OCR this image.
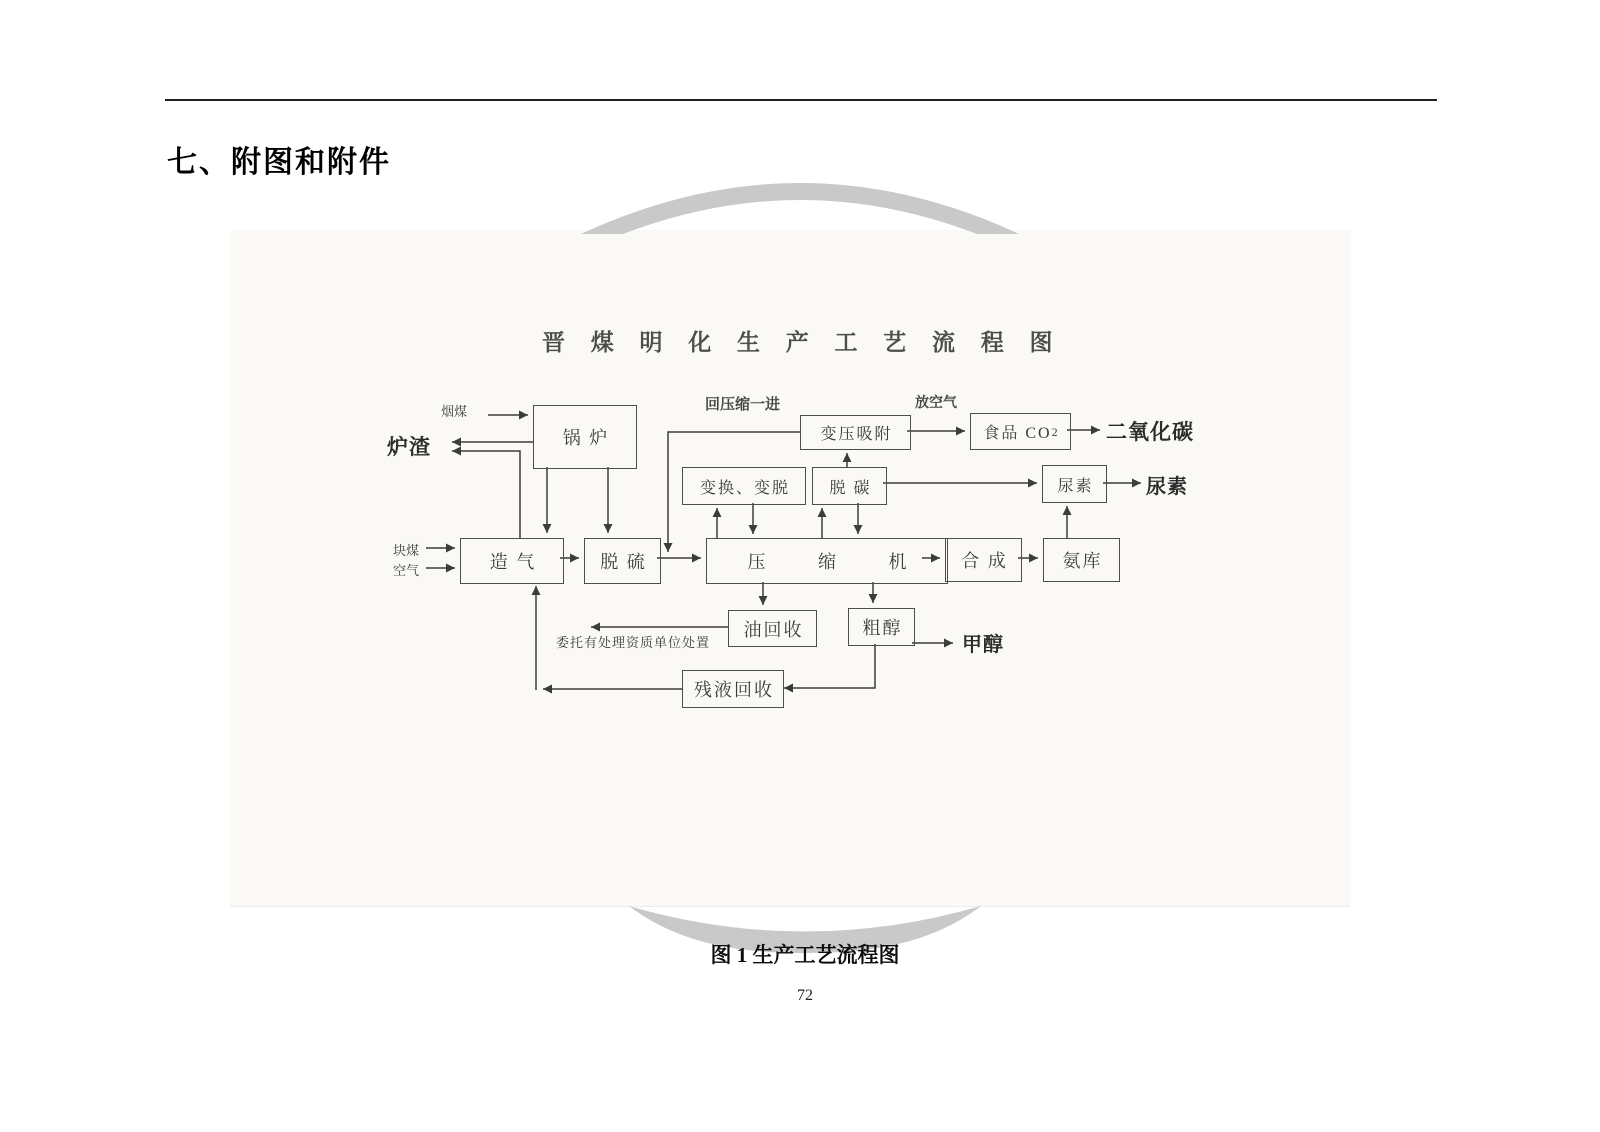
七、附图和附件
晋 煤 明 化 生 产 工 艺 流 程 图
锅 炉
造 气	脱 硫	压 缩 机
变换、变脱	脱 碳
变压吸附	食品 CO 2
尿素
合 成	氨库
油回收	粗醇
残液回收
烟煤
炉渣
块煤
空气
回压缩一进	放空气
二氧化碳
尿素
甲醇
委托有处理资质单位处置
图 1 生产工艺流程图
72
